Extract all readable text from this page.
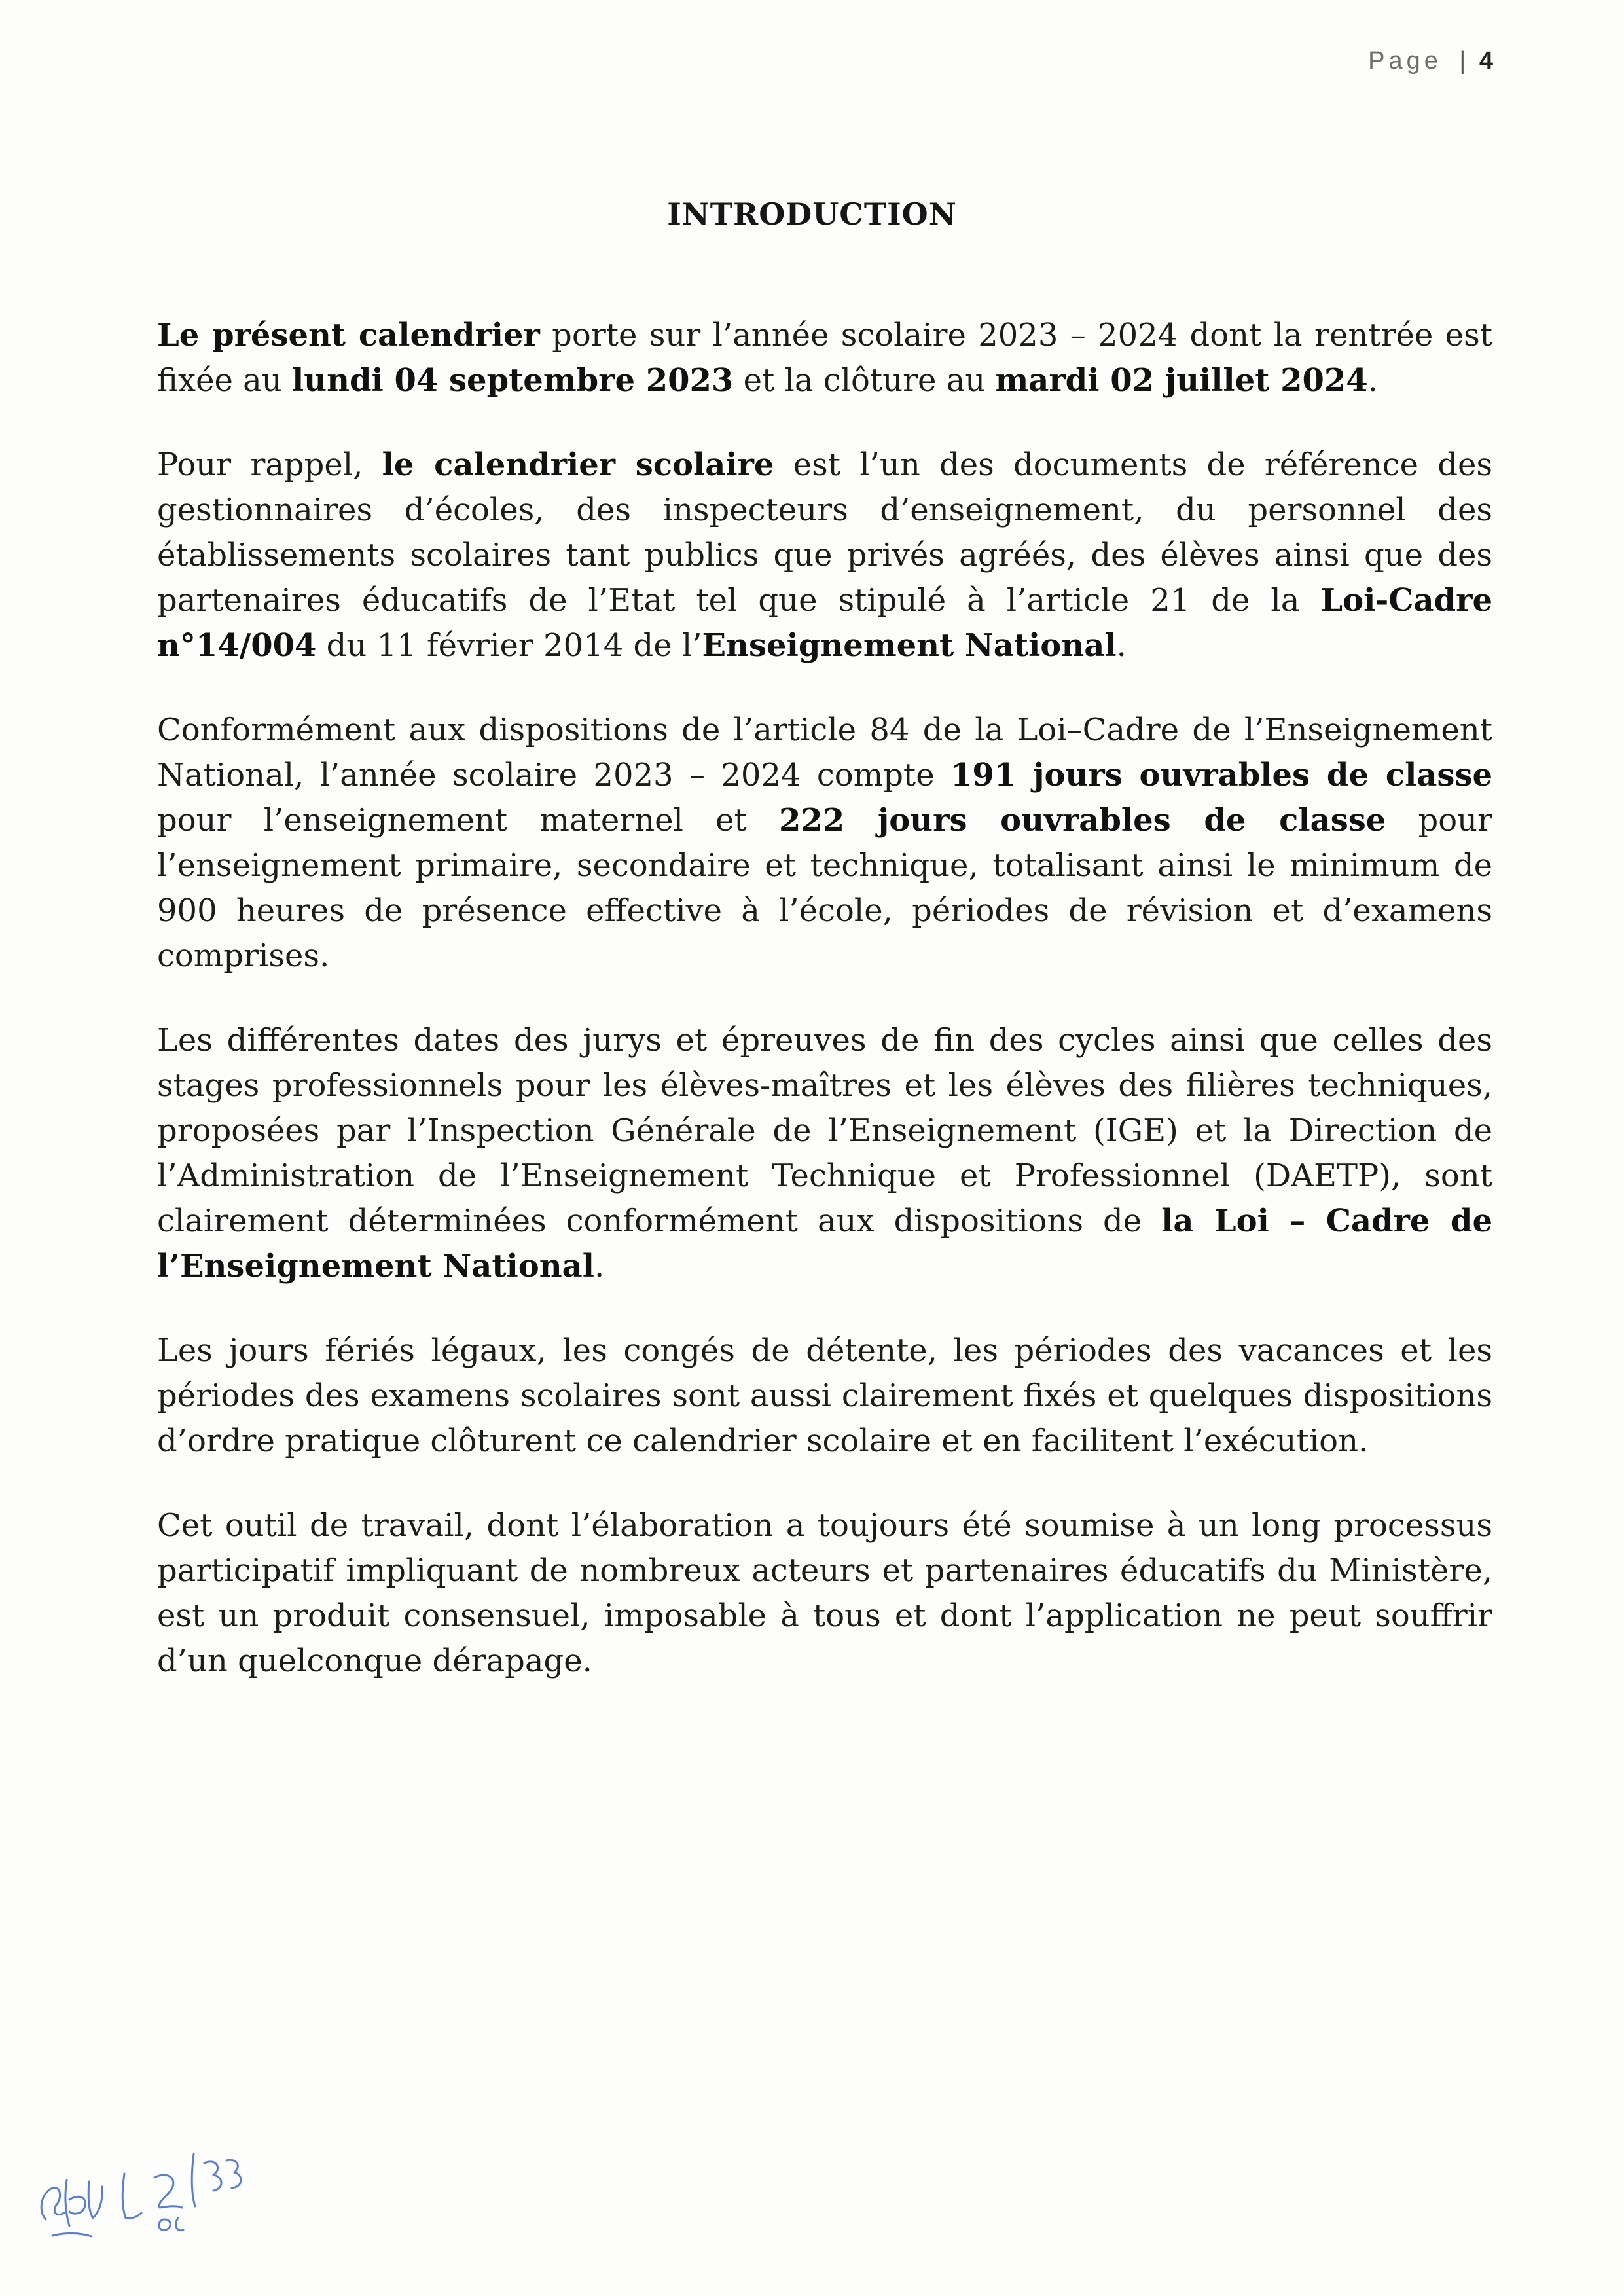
Page | 4
INTRODUCTION

Le présent calendrier porte sur l’année scolaire 2023 – 2024 dont la rentrée est fixée au lundi 04 septembre 2023 et la clôture au mardi 02 juillet 2024.

Pour rappel, le calendrier scolaire est l’un des documents de référence des gestionnaires d’écoles, des inspecteurs d’enseignement, du personnel des établissements scolaires tant publics que privés agréés, des élèves ainsi que des partenaires éducatifs de l’Etat tel que stipulé à l’article 21 de la Loi-Cadre n°14/004 du 11 février 2014 de l’Enseignement National.

Conformément aux dispositions de l’article 84 de la Loi–Cadre de l’Enseignement National, l’année scolaire 2023 – 2024 compte 191 jours ouvrables de classe pour l’enseignement maternel et 222 jours ouvrables de classe pour l’enseignement primaire, secondaire et technique, totalisant ainsi le minimum de 900 heures de présence effective à l’école, périodes de révision et d’examens comprises.

Les différentes dates des jurys et épreuves de fin des cycles ainsi que celles des stages professionnels pour les élèves-maîtres et les élèves des filières techniques, proposées par l’Inspection Générale de l’Enseignement (IGE) et la Direction de l’Administration de l’Enseignement Technique et Professionnel (DAETP), sont clairement déterminées conformément aux dispositions de la Loi – Cadre de l’Enseignement National.

Les jours fériés légaux, les congés de détente, les périodes des vacances et les périodes des examens scolaires sont aussi clairement fixés et quelques dispositions d’ordre pratique clôturent ce calendrier scolaire et en facilitent l’exécution.

Cet outil de travail, dont l’élaboration a toujours été soumise à un long processus participatif impliquant de nombreux acteurs et partenaires éducatifs du Ministère, est un produit consensuel, imposable à tous et dont l’application ne peut souffrir d’un quelconque dérapage.
